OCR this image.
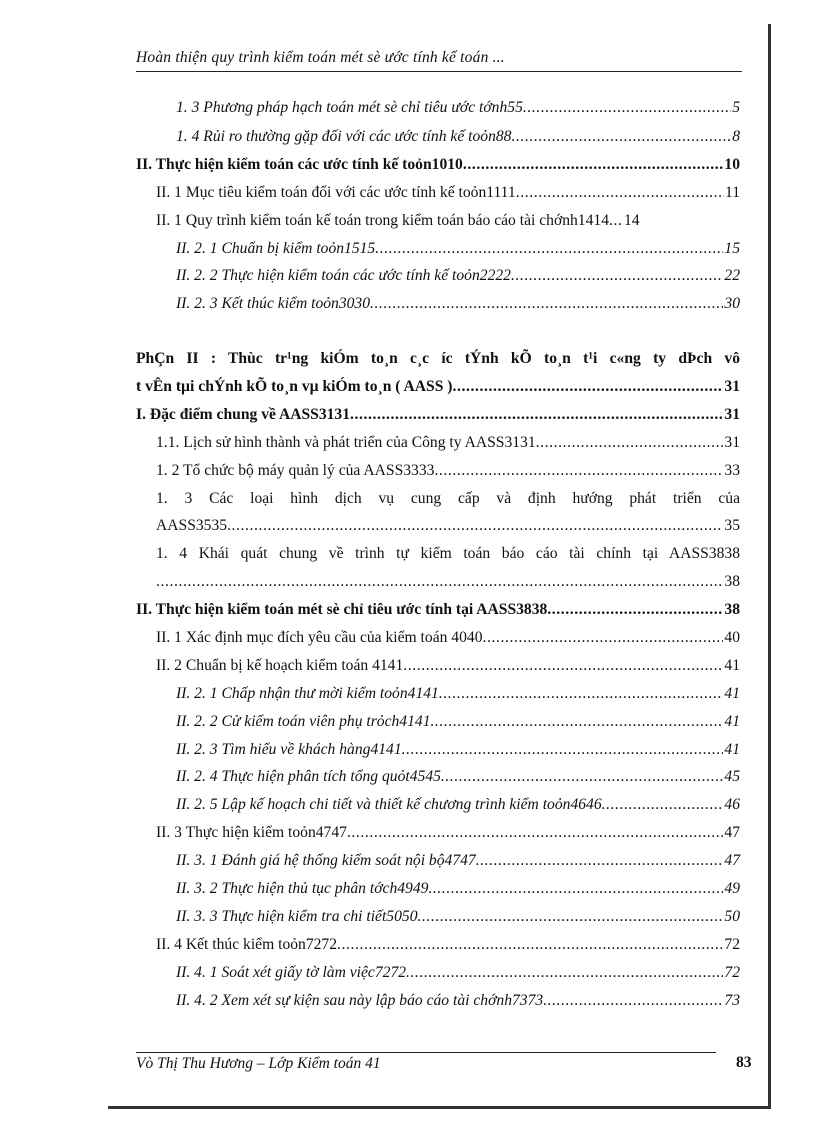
Hoàn thiện quy trình kiểm toán mét sè ước tính kế toán ...
1. 3 Phương pháp hạch toán mét sè chỉ tiêu ước tớnh55 .....	5
1. 4 Rủi ro thường gặp đối với các ước tính kế toỏn88 .....	8
II. Thực hiện kiểm toán các ước tính kế toỏn1010 .....	10
II. 1 Mục tiêu kiểm toán đối với các ước tính kế toỏn1111 .....	11
II. 1 Quy trình kiểm toán kế toán trong kiểm toán báo cáo tài chớnh1414 ..... 14
II. 2. 1 Chuẩn bị kiểm toỏn1515 .....	15
II. 2. 2 Thực hiện kiểm toán các ước tính kế toỏn2222 .....	22
II. 2. 3 Kết thúc kiểm toỏn3030 .....	30
PhÇn II : Thùc tr¹ng kiÓm to¸n c¸c íc tÝnh kÕ to¸n t¹i c«ng ty dÞch vô
t vÊn tµi chÝnh kÕ to¸n vµ kiÓm to¸n ( AASS ) .....	31
I. Đặc điểm chung về AASS3131 .....	31
1.1. Lịch sử hình thành và phát triển của Công ty AASS3131 .....	31
1. 2 Tổ chức bộ máy quản lý của AASS3333 .....	33
1. 3 Các loại hình dịch vụ cung cấp và định hướng phát triển của
AASS3535 .....	35
1. 4 Khái quát chung về trình tự kiểm toán báo cáo tài chính tại AASS3838
.....
38
II. Thực hiện kiểm toán mét sè chỉ tiêu ước tính tại AASS3838 .....	38
II. 1 Xác định mục đích yêu cầu của kiểm toán 4040 .....	40
II. 2 Chuẩn bị kế hoạch kiểm toán 4141 .....	41
II. 2. 1 Chấp nhận thư mời kiểm toỏn4141 .....	41
II. 2. 2 Cử kiểm toán viên phụ trỏch4141 .....	41
II. 2. 3 Tìm hiểu về khách hàng4141 .....	41
II. 2. 4 Thực hiện phân tích tổng quỏt4545 .....	45
II. 2. 5 Lập kế hoạch chi tiết và thiết kế chương trình kiểm toỏn4646 .....	46
II. 3 Thực hiện kiểm toỏn4747 .....	47
II. 3. 1 Đánh giá hệ thống kiểm soát nội bộ4747 .....	47
II. 3. 2 Thực hiện thủ tục phân tớch4949 .....	49
II. 3. 3 Thực hiện kiểm tra chi tiết5050 .....	50
II. 4 Kết thúc kiểm toỏn7272 .....	72
II. 4. 1 Soát xét giấy tờ làm việc7272 .....	72
II. 4. 2 Xem xét sự kiện sau này lập báo cáo tài chớnh7373 .....	73
Vò Thị Thu Hương – Lớp Kiểm toán 41	83
